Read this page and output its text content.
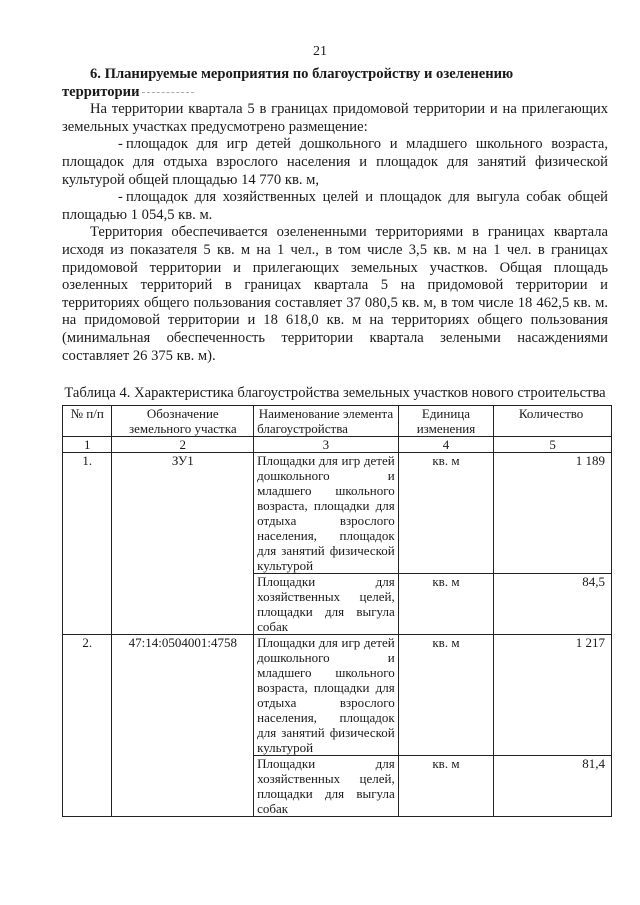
21

6. Планируемые мероприятия по благоустройству и озеленению

территории

На территории квартала 5 в границах придомовой территории и на прилегающих земельных участках предусмотрено размещение:

- площадок для игр детей дошкольного и младшего школьного возраста, площадок для отдыха взрослого населения и площадок для занятий физической культурой общей площадью 14 770 кв. м,

- площадок для хозяйственных целей и площадок для выгула собак общей площадью 1 054,5 кв. м.

Территория обеспечивается озелененными территориями в границах квартала исходя из показателя 5 кв. м на 1 чел., в том числе 3,5 кв. м на 1 чел. в границах придомовой территории и прилегающих земельных участков. Общая площадь озеленных территорий в границах квартала 5 на придомовой территории и территориях общего пользования составляет 37 080,5 кв. м, в том числе 18 462,5 кв. м. на придомовой территории и 18 618,0 кв. м на территориях общего пользования (минимальная обеспеченность территории квартала зелеными насаждениями составляет 26 375 кв. м).

Таблица 4. Характеристика благоустройства земельных участков нового строительства

№ п/п	Обозначение земельного участка	Наименование элемента благоустройства	Единица изменения	Количество
1	2	3	4	5
1.	ЗУ1	Площадки для игр детей дошкольного и младшего школьного возраста, площадки для отдыха взрослого населения, площадок для занятий физической культурой	кв. м	1 189
		Площадки для хозяйственных целей, площадки для выгула собак	кв. м	84,5
2.	47:14:0504001:4758	Площадки для игр детей дошкольного и младшего школьного возраста, площадки для отдыха взрослого населения, площадок для занятий физической культурой	кв. м	1 217
		Площадки для хозяйственных целей, площадки для выгула собак	кв. м	81,4
